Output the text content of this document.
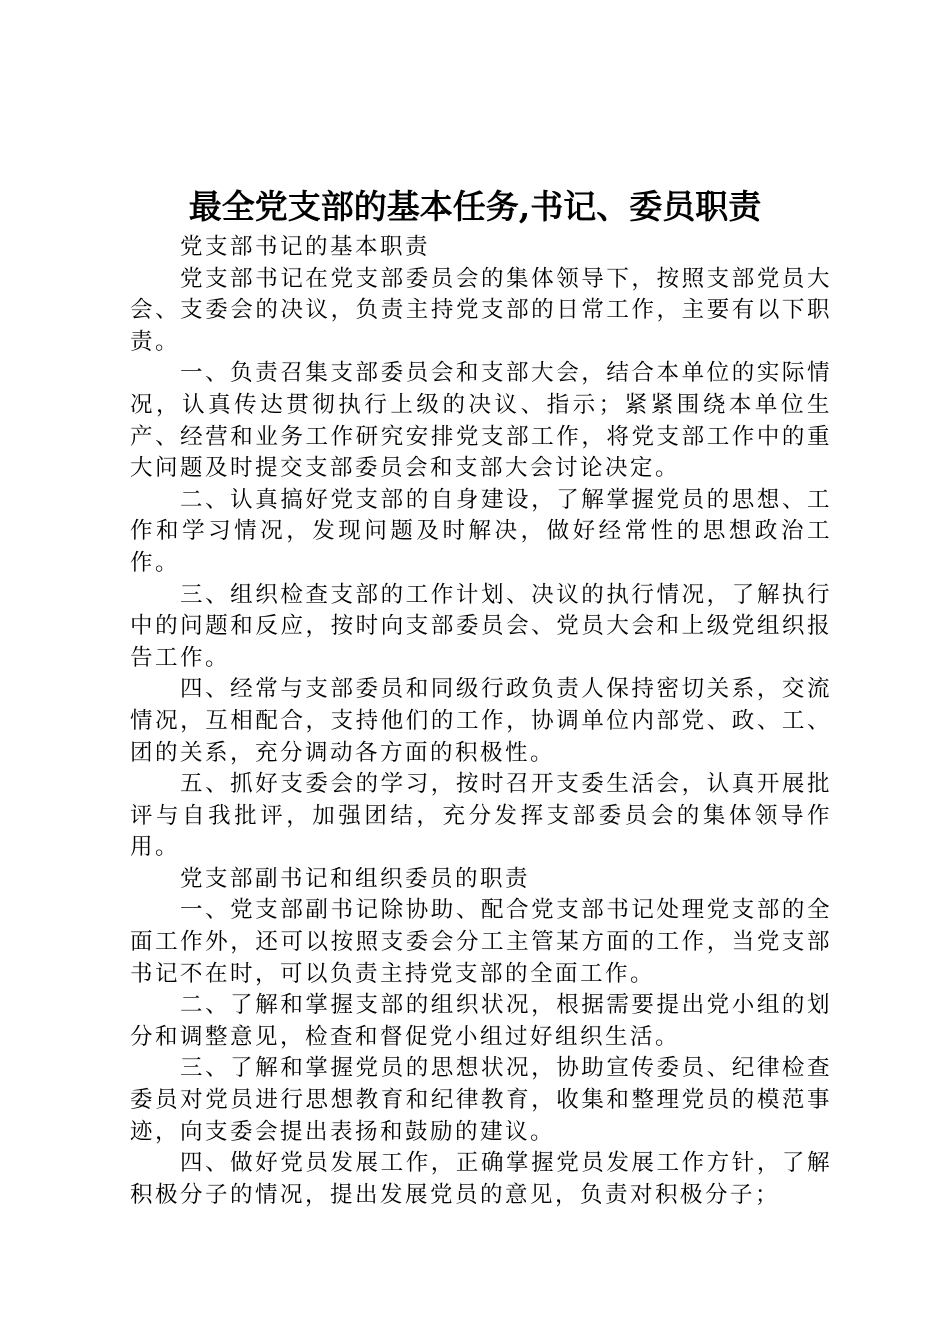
最全党支部的基本任务,书记、委员职责

党支部书记的基本职责

党支部书记在党支部委员会的集体领导下，按照支部党员大会、支委会的决议，负责主持党支部的日常工作，主要有以下职责。

一、负责召集支部委员会和支部大会，结合本单位的实际情况，认真传达贯彻执行上级的决议、指示；紧紧围绕本单位生产、经营和业务工作研究安排党支部工作，将党支部工作中的重大问题及时提交支部委员会和支部大会讨论决定。

二、认真搞好党支部的自身建设，了解掌握党员的思想、工作和学习情况，发现问题及时解决，做好经常性的思想政治工作。

三、组织检查支部的工作计划、决议的执行情况，了解执行中的问题和反应，按时向支部委员会、党员大会和上级党组织报告工作。

四、经常与支部委员和同级行政负责人保持密切关系，交流情况，互相配合，支持他们的工作，协调单位内部党、政、工、团的关系，充分调动各方面的积极性。

五、抓好支委会的学习，按时召开支委生活会，认真开展批评与自我批评，加强团结，充分发挥支部委员会的集体领导作用。

党支部副书记和组织委员的职责

一、党支部副书记除协助、配合党支部书记处理党支部的全面工作外，还可以按照支委会分工主管某方面的工作，当党支部书记不在时，可以负责主持党支部的全面工作。

二、了解和掌握支部的组织状况，根据需要提出党小组的划分和调整意见，检查和督促党小组过好组织生活。

三、了解和掌握党员的思想状况，协助宣传委员、纪律检查委员对党员进行思想教育和纪律教育，收集和整理党员的模范事迹，向支委会提出表扬和鼓励的建议。

四、做好党员发展工作，正确掌握党员发展工作方针，了解积极分子的情况，提出发展党员的意见，负责对积极分子；
